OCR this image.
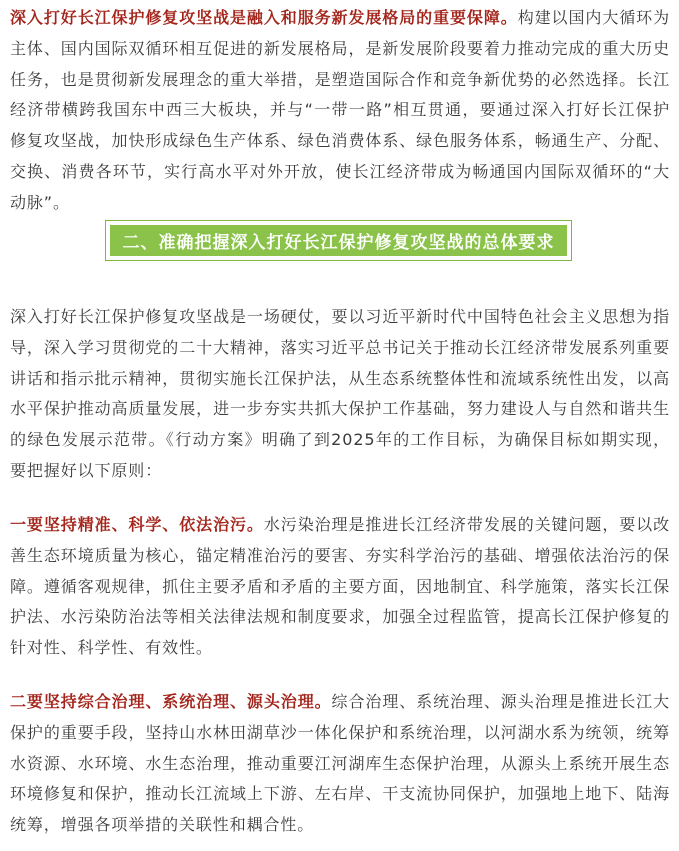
深入打好长江保护修复攻坚战是融入和服务新发展格局的重要保障。构建以国内大循环为主体、国内国际双循环相互促进的新发展格局，是新发展阶段要着力推动完成的重大历史任务，也是贯彻新发展理念的重大举措，是塑造国际合作和竞争新优势的必然选择。长江经济带横跨我国东中西三大板块，并与“一带一路”相互贯通，要通过深入打好长江保护修复攻坚战，加快形成绿色生产体系、绿色消费体系、绿色服务体系，畅通生产、分配、交换、消费各环节，实行高水平对外开放，使长江经济带成为畅通国内国际双循环的“大动脉”。

二、准确把握深入打好长江保护修复攻坚战的总体要求

深入打好长江保护修复攻坚战是一场硬仗，要以习近平新时代中国特色社会主义思想为指导，深入学习贯彻党的二十大精神，落实习近平总书记关于推动长江经济带发展系列重要讲话和指示批示精神，贯彻实施长江保护法，从生态系统整体性和流域系统性出发，以高水平保护推动高质量发展，进一步夯实共抓大保护工作基础，努力建设人与自然和谐共生的绿色发展示范带。《行动方案》明确了到2025年的工作目标，为确保目标如期实现，要把握好以下原则：

一要坚持精准、科学、依法治污。水污染治理是推进长江经济带发展的关键问题，要以改善生态环境质量为核心，锚定精准治污的要害、夯实科学治污的基础、增强依法治污的保障。遵循客观规律，抓住主要矛盾和矛盾的主要方面，因地制宜、科学施策，落实长江保护法、水污染防治法等相关法律法规和制度要求，加强全过程监管，提高长江保护修复的针对性、科学性、有效性。

二要坚持综合治理、系统治理、源头治理。综合治理、系统治理、源头治理是推进长江大保护的重要手段，坚持山水林田湖草沙一体化保护和系统治理，以河湖水系为统领，统筹水资源、水环境、水生态治理，推动重要江河湖库生态保护治理，从源头上系统开展生态环境修复和保护，推动长江流域上下游、左右岸、干支流协同保护，加强地上地下、陆海统筹，增强各项举措的关联性和耦合性。
